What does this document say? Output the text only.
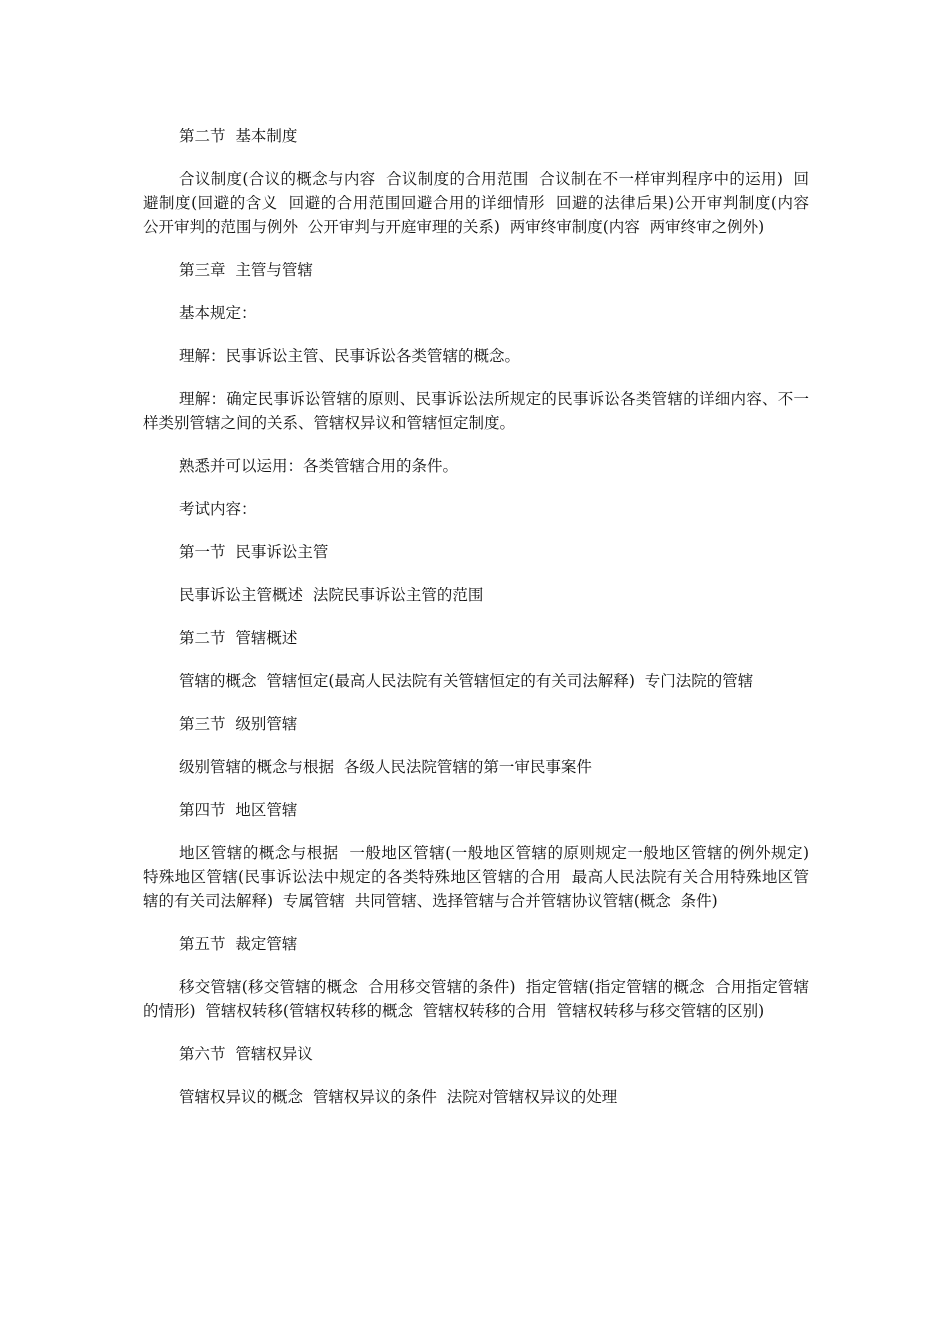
第二节  基本制度

合议制度(合议的概念与内容  合议制度的合用范围  合议制在不一样审判程序中的运用)  回避制度(回避的含义  回避的合用范围回避合用的详细情形  回避的法律后果)公开审判制度(内容  公开审判的范围与例外  公开审判与开庭审理的关系)  两审终审制度(内容  两审终审之例外)

第三章  主管与管辖

基本规定：

理解：民事诉讼主管、民事诉讼各类管辖的概念。

理解：确定民事诉讼管辖的原则、民事诉讼法所规定的民事诉讼各类管辖的详细内容、不一样类别管辖之间的关系、管辖权异议和管辖恒定制度。

熟悉并可以运用：各类管辖合用的条件。

考试内容：

第一节  民事诉讼主管

民事诉讼主管概述  法院民事诉讼主管的范围

第二节  管辖概述

管辖的概念  管辖恒定(最高人民法院有关管辖恒定的有关司法解释)  专门法院的管辖

第三节  级别管辖

级别管辖的概念与根据  各级人民法院管辖的第一审民事案件

第四节  地区管辖

地区管辖的概念与根据  一般地区管辖(一般地区管辖的原则规定一般地区管辖的例外规定)  特殊地区管辖(民事诉讼法中规定的各类特殊地区管辖的合用  最高人民法院有关合用特殊地区管辖的有关司法解释)  专属管辖  共同管辖、选择管辖与合并管辖协议管辖(概念  条件)

第五节  裁定管辖

移交管辖(移交管辖的概念  合用移交管辖的条件)  指定管辖(指定管辖的概念  合用指定管辖的情形)  管辖权转移(管辖权转移的概念  管辖权转移的合用  管辖权转移与移交管辖的区别)

第六节  管辖权异议

管辖权异议的概念  管辖权异议的条件  法院对管辖权异议的处理
